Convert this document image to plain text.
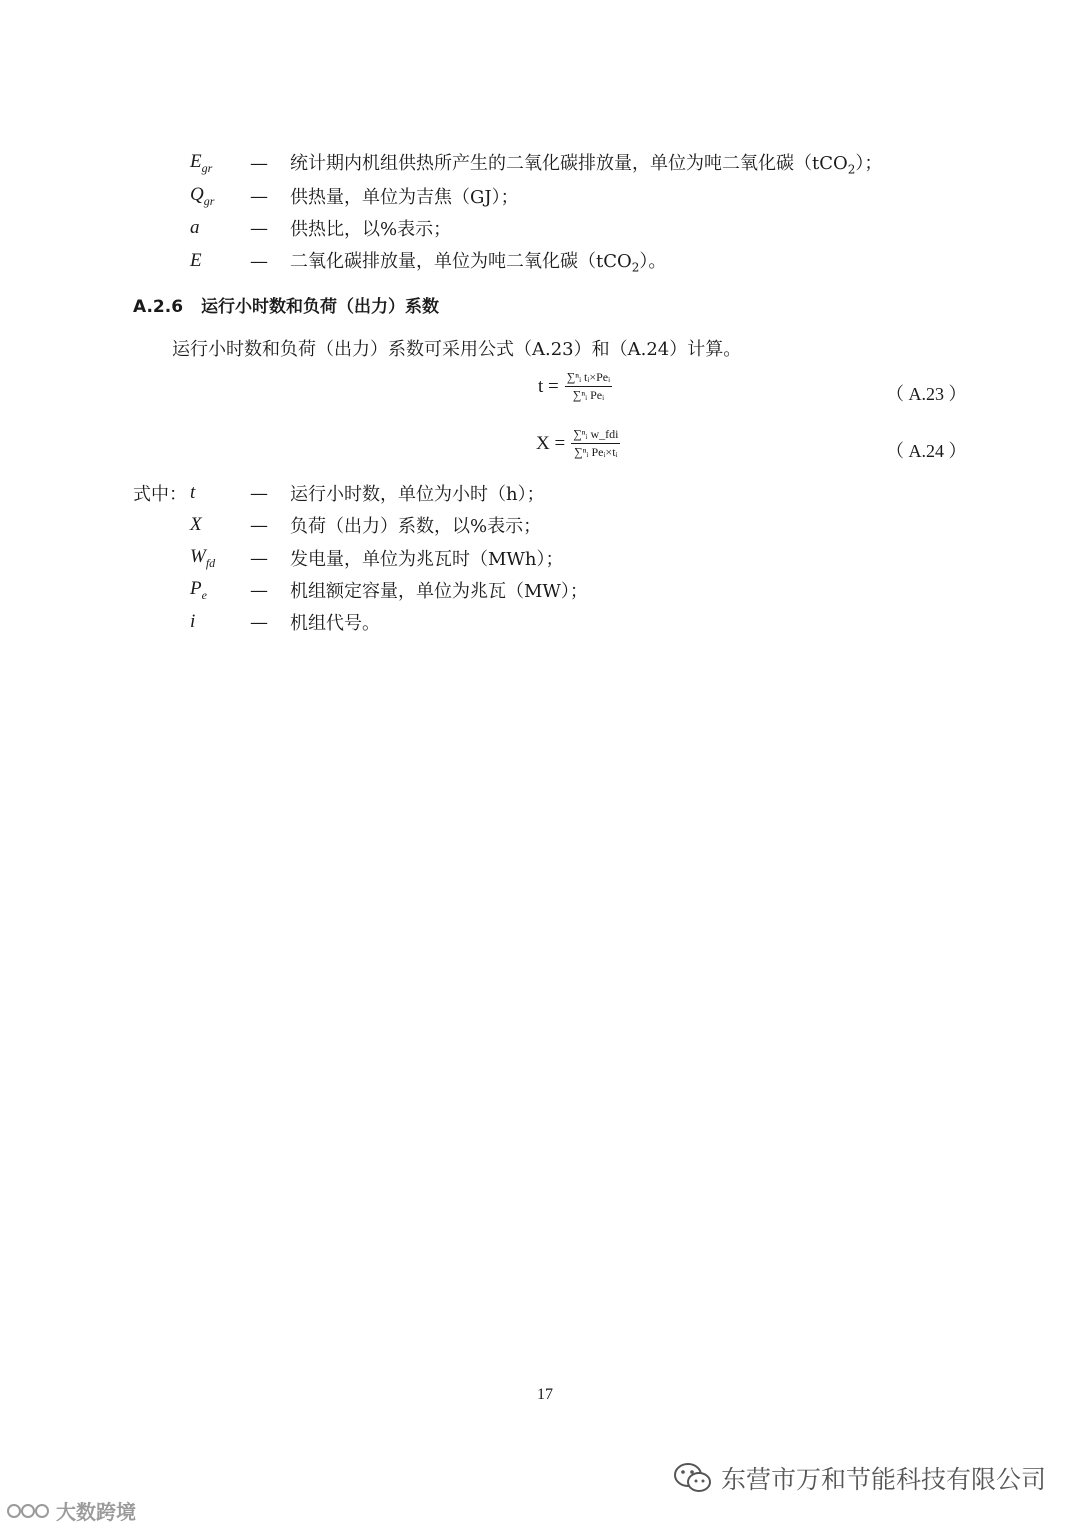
$E_{gr}$ — 统计期内机组供热所产生的二氧化碳排放量，单位为吨二氧化碳（tCO$_2$）；
$Q_{gr}$ — 供热量，单位为吉焦（GJ）；
a	— 供热比，以%表示；
E	— 二氧化碳排放量，单位为吨二氧化碳（tCO$_2$）。
A.2.6 运行小时数和负荷（出力）系数
运行小时数和负荷（出力）系数可采用公式（A.23）和（A.24）计算。
$t = \frac{\text{∑ⁿᵢ tᵢ×Peᵢ}}{\text{∑ⁿᵢ Peᵢ}}$	（ A.23 ）
$X = \frac{\text{∑ⁿᵢ w\_fdi}}{\text{∑ⁿᵢ Peᵢ×tᵢ}}$	（ A.24 ）
式中： t	— 运行小时数，单位为小时（h）；
X	— 负荷（出力）系数，以%表示；
$W_{fd}$ — 发电量，单位为兆瓦时（MWh）；
$P_e$ — 机组额定容量，单位为兆瓦（MW）；
i	— 机组代号。
17
东营市万和节能科技有限公司
大数跨境
